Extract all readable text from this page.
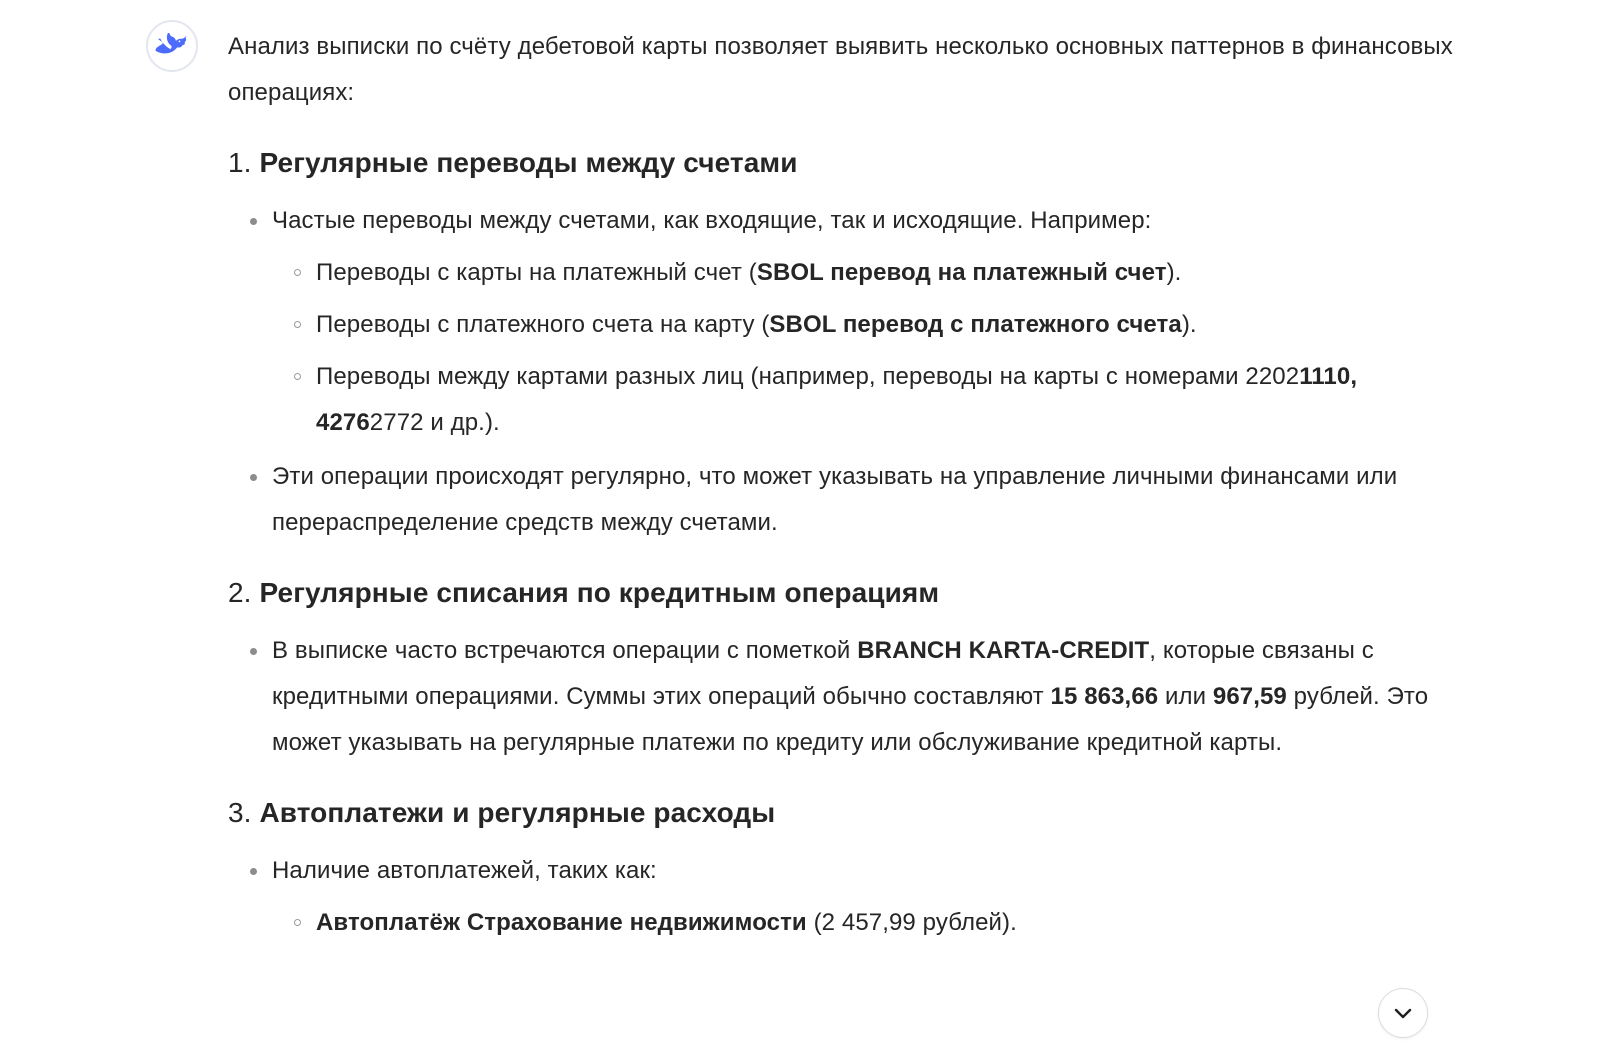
Анализ выписки по счёту дебетовой карты позволяет выявить несколько основных паттернов в финансовых операциях:

1. Регулярные переводы между счетами
Частые переводы между счетами, как входящие, так и исходящие. Например:
Переводы с карты на платежный счет (SBOL перевод на платежный счет).
Переводы с платежного счета на карту (SBOL перевод с платежного счета).
Переводы между картами разных лиц (например, переводы на карты с номерами 22021110, 42762772 и др.).
Эти операции происходят регулярно, что может указывать на управление личными финансами или перераспределение средств между счетами.
2. Регулярные списания по кредитным операциям
В выписке часто встречаются операции с пометкой BRANCH KARTA-CREDIT, которые связаны с кредитными операциями. Суммы этих операций обычно составляют 15 863,66 или 967,59 рублей. Это может указывать на регулярные платежи по кредиту или обслуживание кредитной карты.
3. Автоплатежи и регулярные расходы
Наличие автоплатежей, таких как:
Автоплатёж Страхование недвижимости (2 457,99 рублей).
